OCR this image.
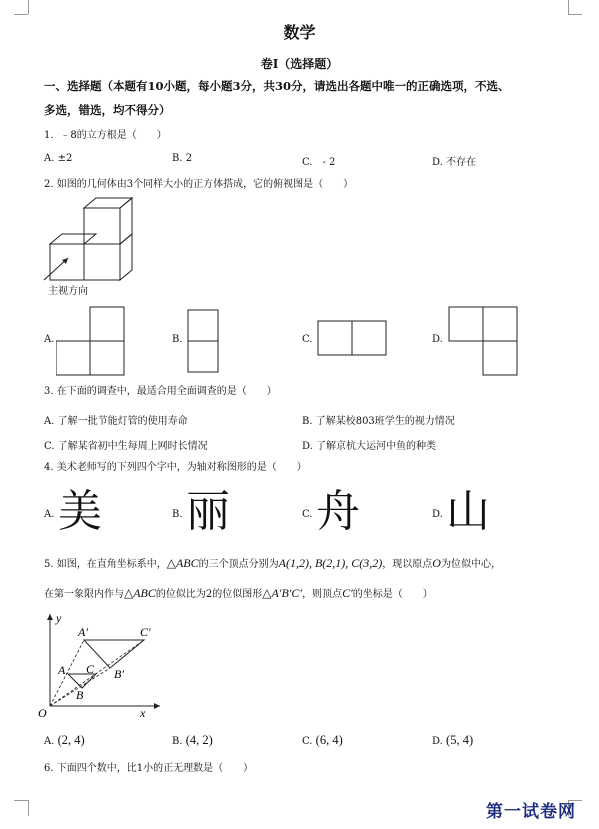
数学
卷Ⅰ（选择题）
一、选择题（本题有10小题，每小题3分，共30分，请选出各题中唯一的正确选项，不选、
多选，错选，均不得分）
1．﹣8的立方根是（　　）
A. ±2	B. 2	C.　- 2	D. 不存在
2. 如图的几何体由3个同样大小的正方体搭成，它的俯视图是（　　）
主视方向
A.	B.	C.	D.
3. 在下面的调查中，最适合用全面调查的是（　　）
A. 了解一批节能灯管的使用寿命	B. 了解某校803班学生的视力情况
C. 了解某省初中生每周上网时长情况	D. 了解京杭大运河中鱼的种类
4. 美术老师写的下列四个字中，为轴对称图形的是（　　）
A. 美	B. 丽	C. 舟	D. 山
5. 如图，在直角坐标系中，△ABC的三个顶点分别为A(1,2), B(2,1), C(3,2)，现以原点O为位似中心，
在第一象限内作与△ABC的位似比为2的位似图形△A′B′C′，则顶点C′的坐标是（　　）
y
x
O
A
B
C
A′
B′
C′
A. (2, 4)	B. (4, 2)	C. (6, 4)	D. (5, 4)
6. 下面四个数中，比1小的正无理数是（　　）
第一试卷网
